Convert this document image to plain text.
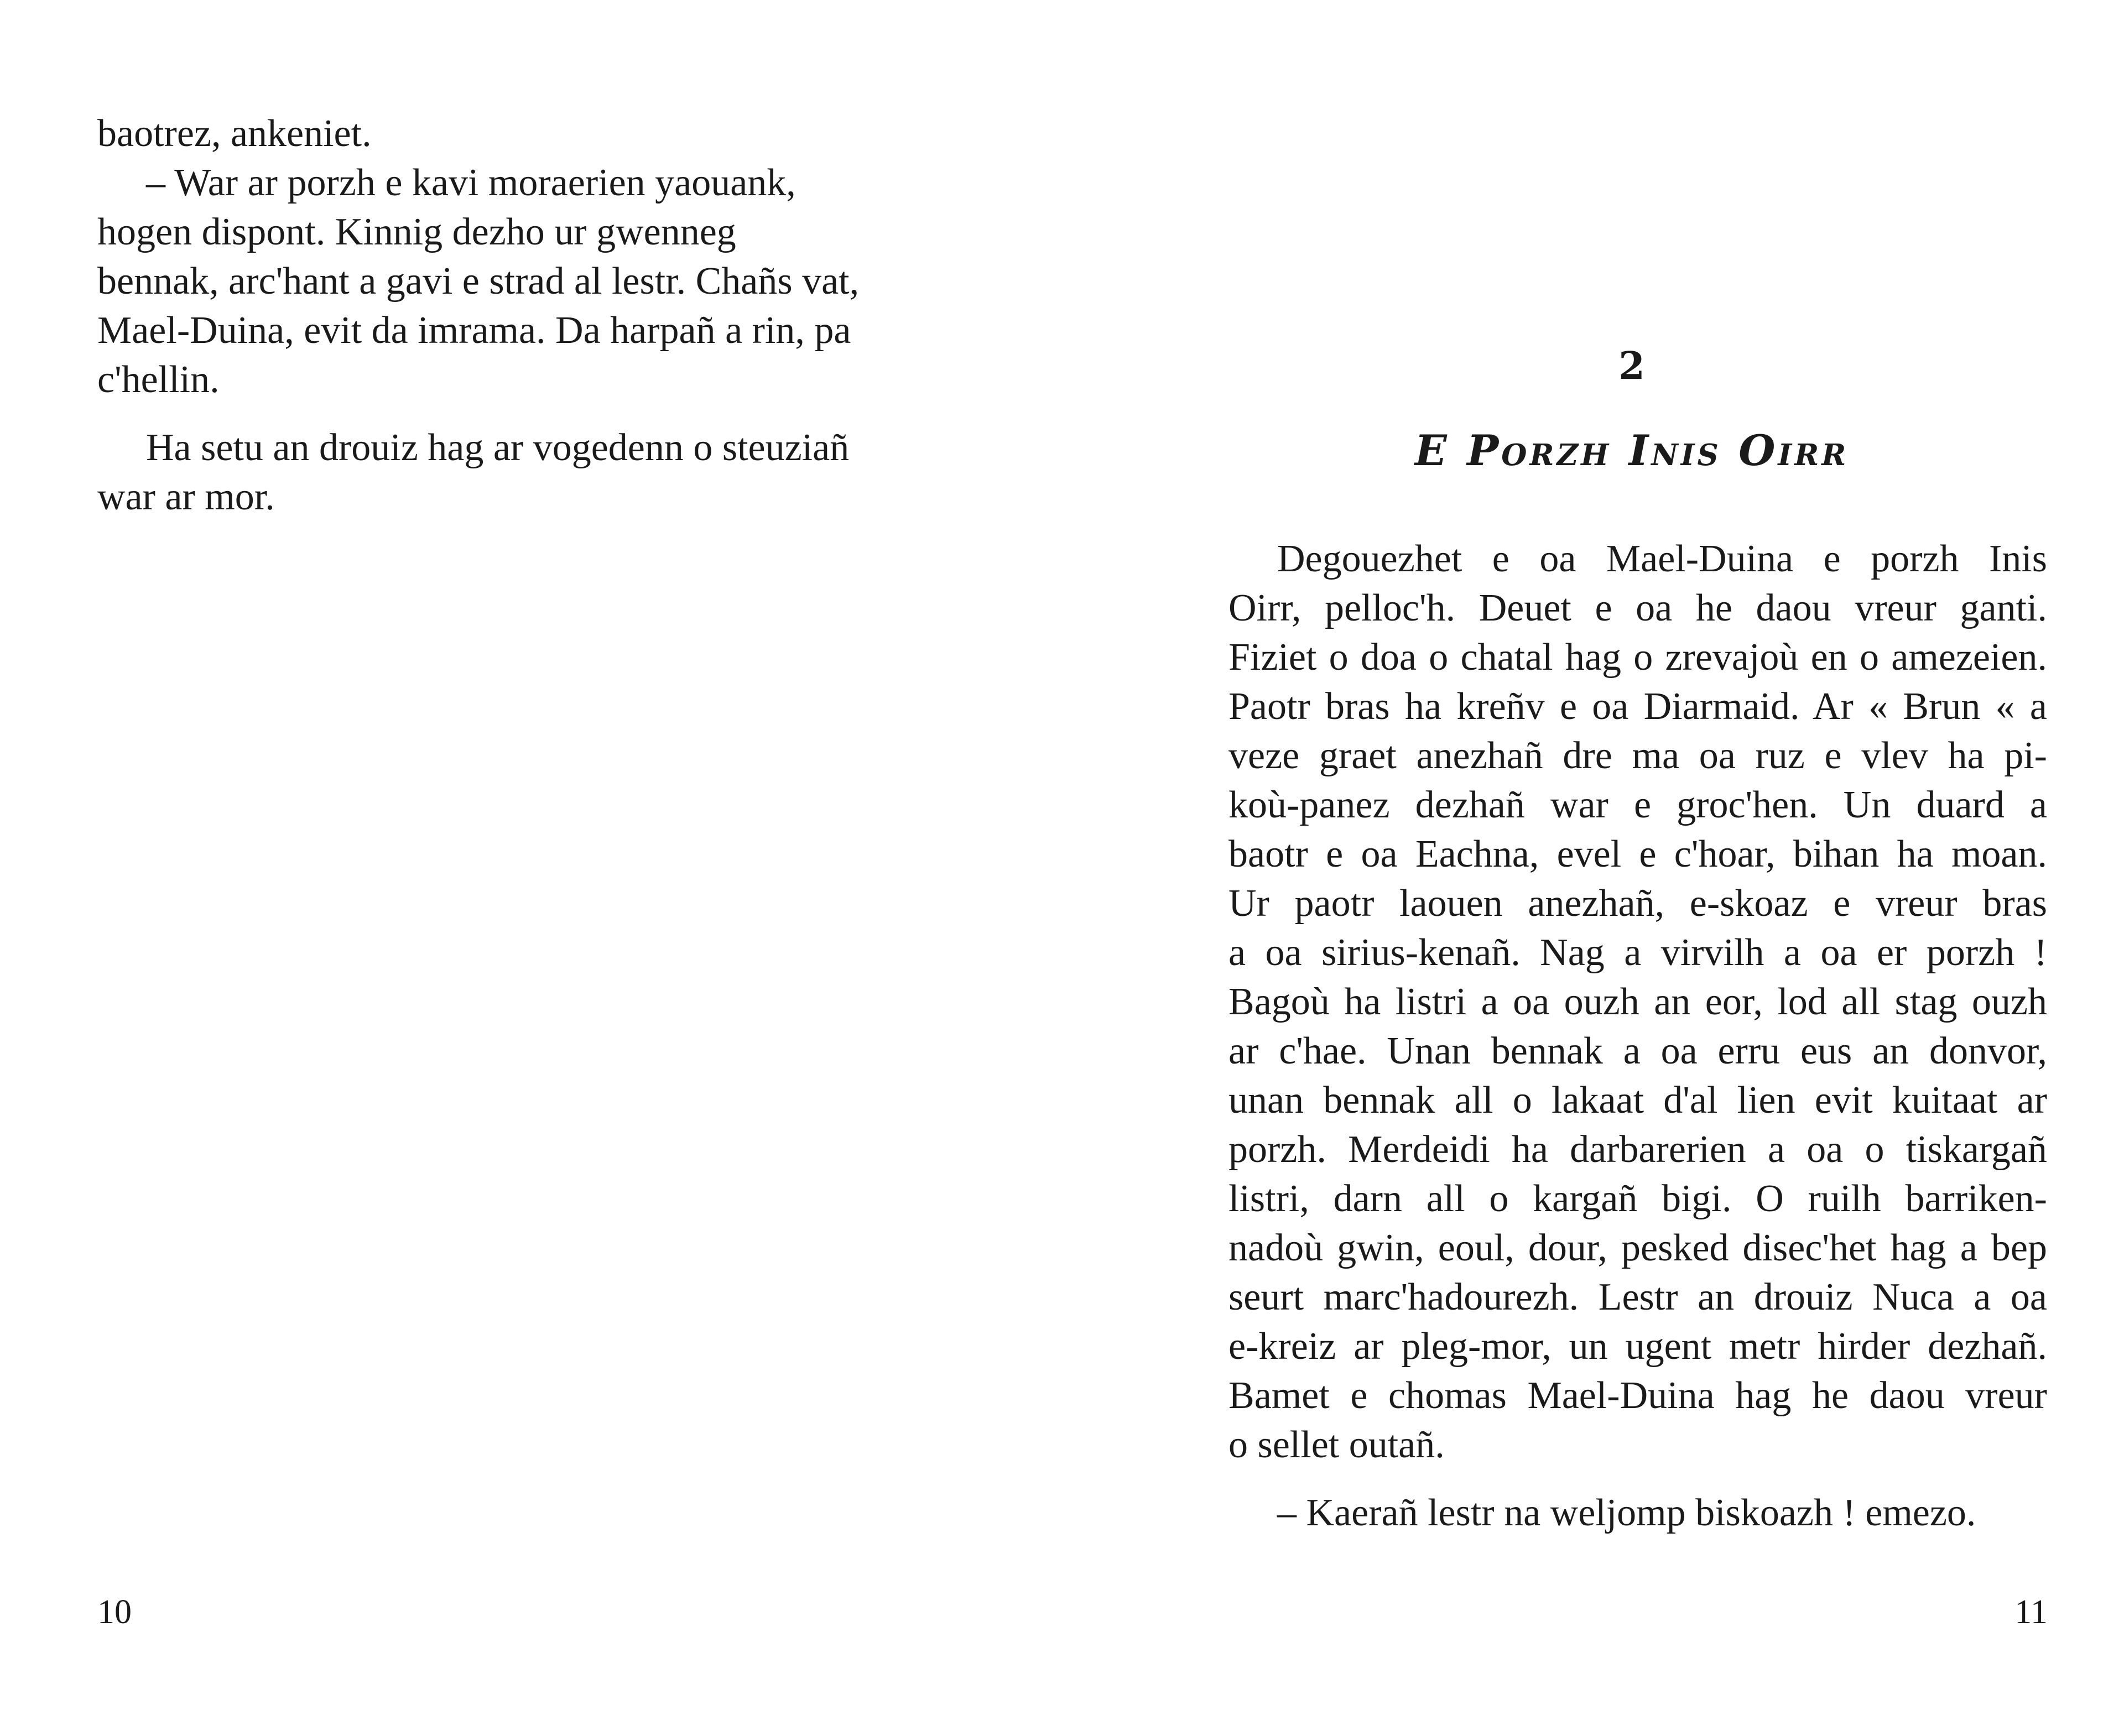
baotrez, ankeniet.
– War ar porzh e kavi moraerien yaouank,
hogen dispont. Kinnig dezho ur gwenneg
bennak, arc'hant a gavi e strad al lestr. Chañs vat,
Mael-Duina, evit da imrama. Da harpañ a rin, pa
c'hellin.
Ha setu an drouiz hag ar vogedenn o steuziañ
war ar mor.
10
2
E Porzh Inis Oirr
Degouezhet e oa Mael-Duina e porzh Inis
Oirr, pelloc'h. Deuet e oa he daou vreur ganti.
Fiziet o doa o chatal hag o zrevajoù en o amezeien.
Paotr bras ha kreñv e oa Diarmaid. Ar « Brun « a
veze graet anezhañ dre ma oa ruz e vlev ha pi-
koù-panez dezhañ war e groc'hen. Un duard a
baotr e oa Eachna, evel e c'hoar, bihan ha moan.
Ur paotr laouen anezhañ, e-skoaz e vreur bras
a oa sirius-kenañ. Nag a virvilh a oa er porzh !
Bagoù ha listri a oa ouzh an eor, lod all stag ouzh
ar c'hae. Unan bennak a oa erru eus an donvor,
unan bennak all o lakaat d'al lien evit kuitaat ar
porzh. Merdeidi ha darbarerien a oa o tiskargañ
listri, darn all o kargañ bigi. O ruilh barriken-
nadoù gwin, eoul, dour, pesked disec'het hag a bep
seurt marc'hadourezh. Lestr an drouiz Nuca a oa
e-kreiz ar pleg-mor, un ugent metr hirder dezhañ.
Bamet e chomas Mael-Duina hag he daou vreur
o sellet outañ.
– Kaerañ lestr na weljomp biskoazh ! emezo.
11
